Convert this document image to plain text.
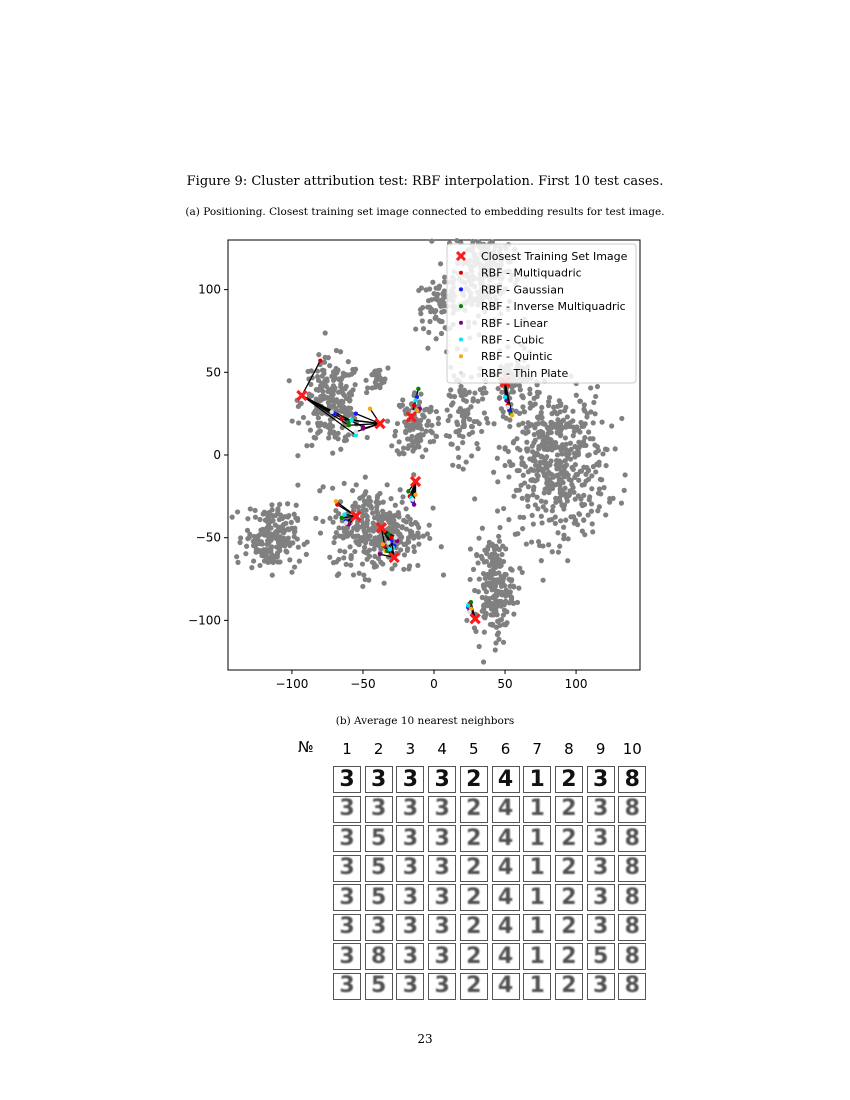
Figure 9: Cluster attribution test: RBF interpolation. First 10 test cases.
(a) Positioning. Closest training set image connected to embedding results for test image.
−100	−50	0	50	100
100
50
0
−50
−100
Closest Training Set Image
RBF - Multiquadric
RBF - Gaussian
RBF - Inverse Multiquadric
RBF - Linear
RBF - Cubic
RBF - Quintic
RBF - Thin Plate
(b) Average 10 nearest neighbors
№	1	2	3	4	5	6	7	8	9	10
3 3 3 3 2 4 1 2 3 8
3 3 3 3 2 4 1 2 3 8
3 5 3 3 2 4 1 2 3 8
3 5 3 3 2 4 1 2 3 8
3 5 3 3 2 4 1 2 3 8
3 3 3 3 2 4 1 2 3 8
3 8 3 3 2 4 1 2 5 8
3 5 3 3 2 4 1 2 3 8
23
